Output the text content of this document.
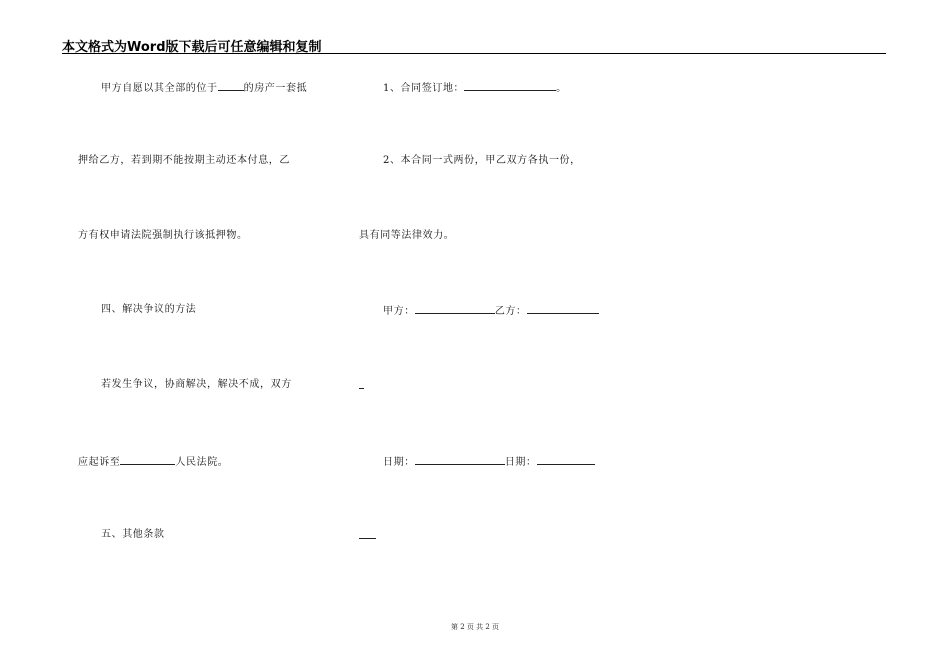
本文格式为Word版下载后可任意编辑和复制
甲方自愿以其全部的位于	的房产一套抵
押给乙方，若到期不能按期主动还本付息，乙
方有权申请法院强制执行该抵押物。
四、解决争议的方法
若发生争议，协商解决，解决不成，双方
应起诉至	人民法院。
五、其他条款
1、合同签订地：	。
2、本合同一式两份，甲乙双方各执一份，
具有同等法律效力。
甲方：	乙方：
日期：	日期：
第 2 页 共 2 页
